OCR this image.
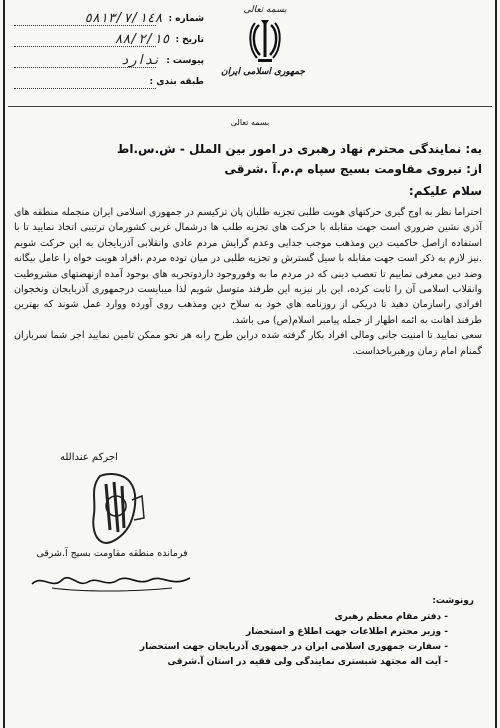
٥٨١٣/٧/١٤٨ شماره :
٨٨/٢/١٥ تاریخ :
ندارد پیوست :
طبقه بندی :
بسمه تعالی
جمهوری اسلامی ایران
بسمه تعالی
به: نمایندگی محترم نهاد رهبری در امور بین الملل - ش.س.اط
از: نیروی مقاومت بسیج سپاه م.م.آ .شرقی
سلام علیکم:

احتراما نظر به اوج گیری حرکتهای هویت طلبی تجزیه طلبان پان ترکیسم در جمهوری اسلامی ایران منجمله منطقه های آذری نشین ضروری است جهت مقابله با حرکت های تجزیه طلب ها درشمال غربی کشورمان ترتیبی اتخاذ نمایید تا با استفاده ازاصل حاکمیت دین ومذهب موجب جدایی وعدم گرایش مردم عادی وانقلابی آذربایجان به این حرکت شویم .نیز لازم به ذکر است جهت مقابله با سیل گسترش و تجزیه طلبی در میان توده مردم ،افراد هویت خواه را عامل بیگانه وضد دین معرفی نماییم تا تعصب دینی که در مردم ما به وفوروجود داردوتجربه های بوجود آمده ازنهضتهای مشروطیت وانقلاب اسلامی آن را ثابت کرده، این بار نیزبه این طرفند متوسل شویم لذا میبایست درجمهوری آذربایجان ونخجوان افرادی راسازمان دهید تا دریکی از روزنامه های خود به سلاح دین ومذهب روی آورده ووارد عمل شوند که بهترین طرفند اهانت به ائمه اطهار از جمله پیامبر اسلام(ص) می باشد.

سعی نمایید تا امنیت جانی ومالی افراد بکار گرفته شده دراین طرح رابه هر نحو ممکن تامین نمایید اجر شما سربازان گمنام امام زمان ورهبرباخداست.

اجرکم عندالله
فرمانده منطقه مقاومت بسیج آ.شرقی
رونوشت:
- دفتر مقام معظم رهبری
- وزیر محترم اطلاعات جهت اطلاع و استحضار
- سفارت جمهوری اسلامی ایران در جمهوری آذربایجان جهت استحضار
- آیت اله مجتهد شبستری نمایندگی ولی فقیه در استان آ.شرقی
